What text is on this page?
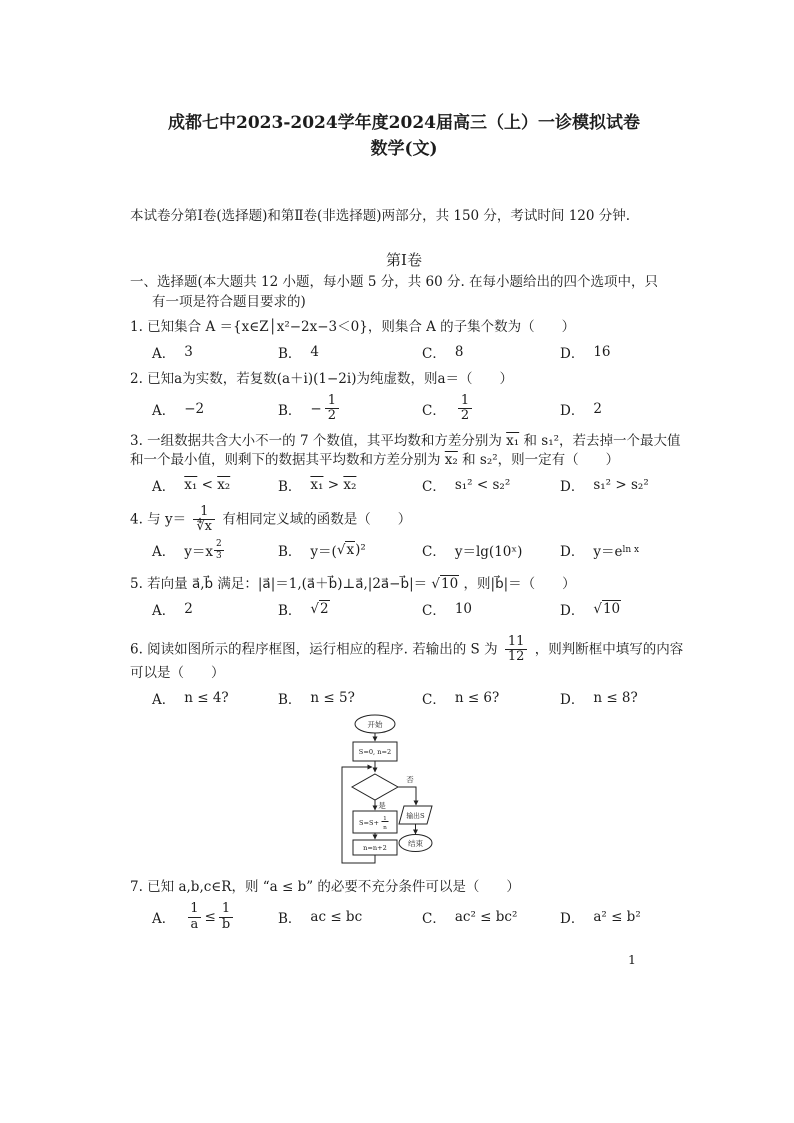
成都七中2023-2024学年度2024届高三（上）一诊模拟试卷
数学(文)
本试卷分第Ⅰ卷(选择题)和第Ⅱ卷(非选择题)两部分，共 150 分，考试时间 120 分钟.
第Ⅰ卷
一、选择题(本大题共 12 小题，每小题 5 分，共 60 分. 在每小题给出的四个选项中，只
有一项是符合题目要求的)
1. 已知集合 A ＝{x∈Z│x²−2x−3＜0}，则集合 A 的子集个数为（　　）
A． 3	B． 4	C． 8	D． 16
2. 已知a为实数，若复数(a＋i)(1−2i)为纯虚数，则a＝（　　）
A． −2	B． − $\frac{1}{2}$	C． $\frac{1}{2}$	D． 2
3. 一组数据共含大小不一的 7 个数值，其平均数和方差分别为 x₁ 和 s₁²，若去掉一个最大值
和一个最小值，则剩下的数据其平均数和方差分别为 x₂ 和 s₂²，则一定有（　　）
A． x₁
<
x₂	B． x₁
>
x₂	C． s₁² < s₂²	D． s₁² > s₂²
4. 与 $y= \frac{1}{∜x}$ 有相同定义域的函数是（　　）
A． $y=x \frac{2}{3}$	B． y＝( √x )²	C． y＝lg(10ˣ)	D． y＝e ln x
5. 若向量 a⃗,b⃗ 满足：|a⃗|＝1,(a⃗＋b⃗)⊥a⃗,|2a⃗−b⃗|＝ √10 ，则|b⃗|＝（　　）
A． 2	B． √2	C． 10	D． √10
6. 阅读如图所示的程序框图，运行相应的程序. 若输出的 S 为 $\frac{11}{12}$ ，则判断框中填写的内容
可以是（　　）
A． n ≤ 4?	B． n ≤ 5?	C． n ≤ 6?	D． n ≤ 8?
开始
S=0, n=2
否
是
S=S+ 1
n
n=n+2
输出S
结束
7. 已知 a,b,c∈R，则 “a ≤ b” 的必要不充分条件可以是（　　）
A． $\frac{1}{a} \le \frac{1}{b}$	B． ac ≤ bc	C． ac² ≤ bc²	D． a² ≤ b²
1
